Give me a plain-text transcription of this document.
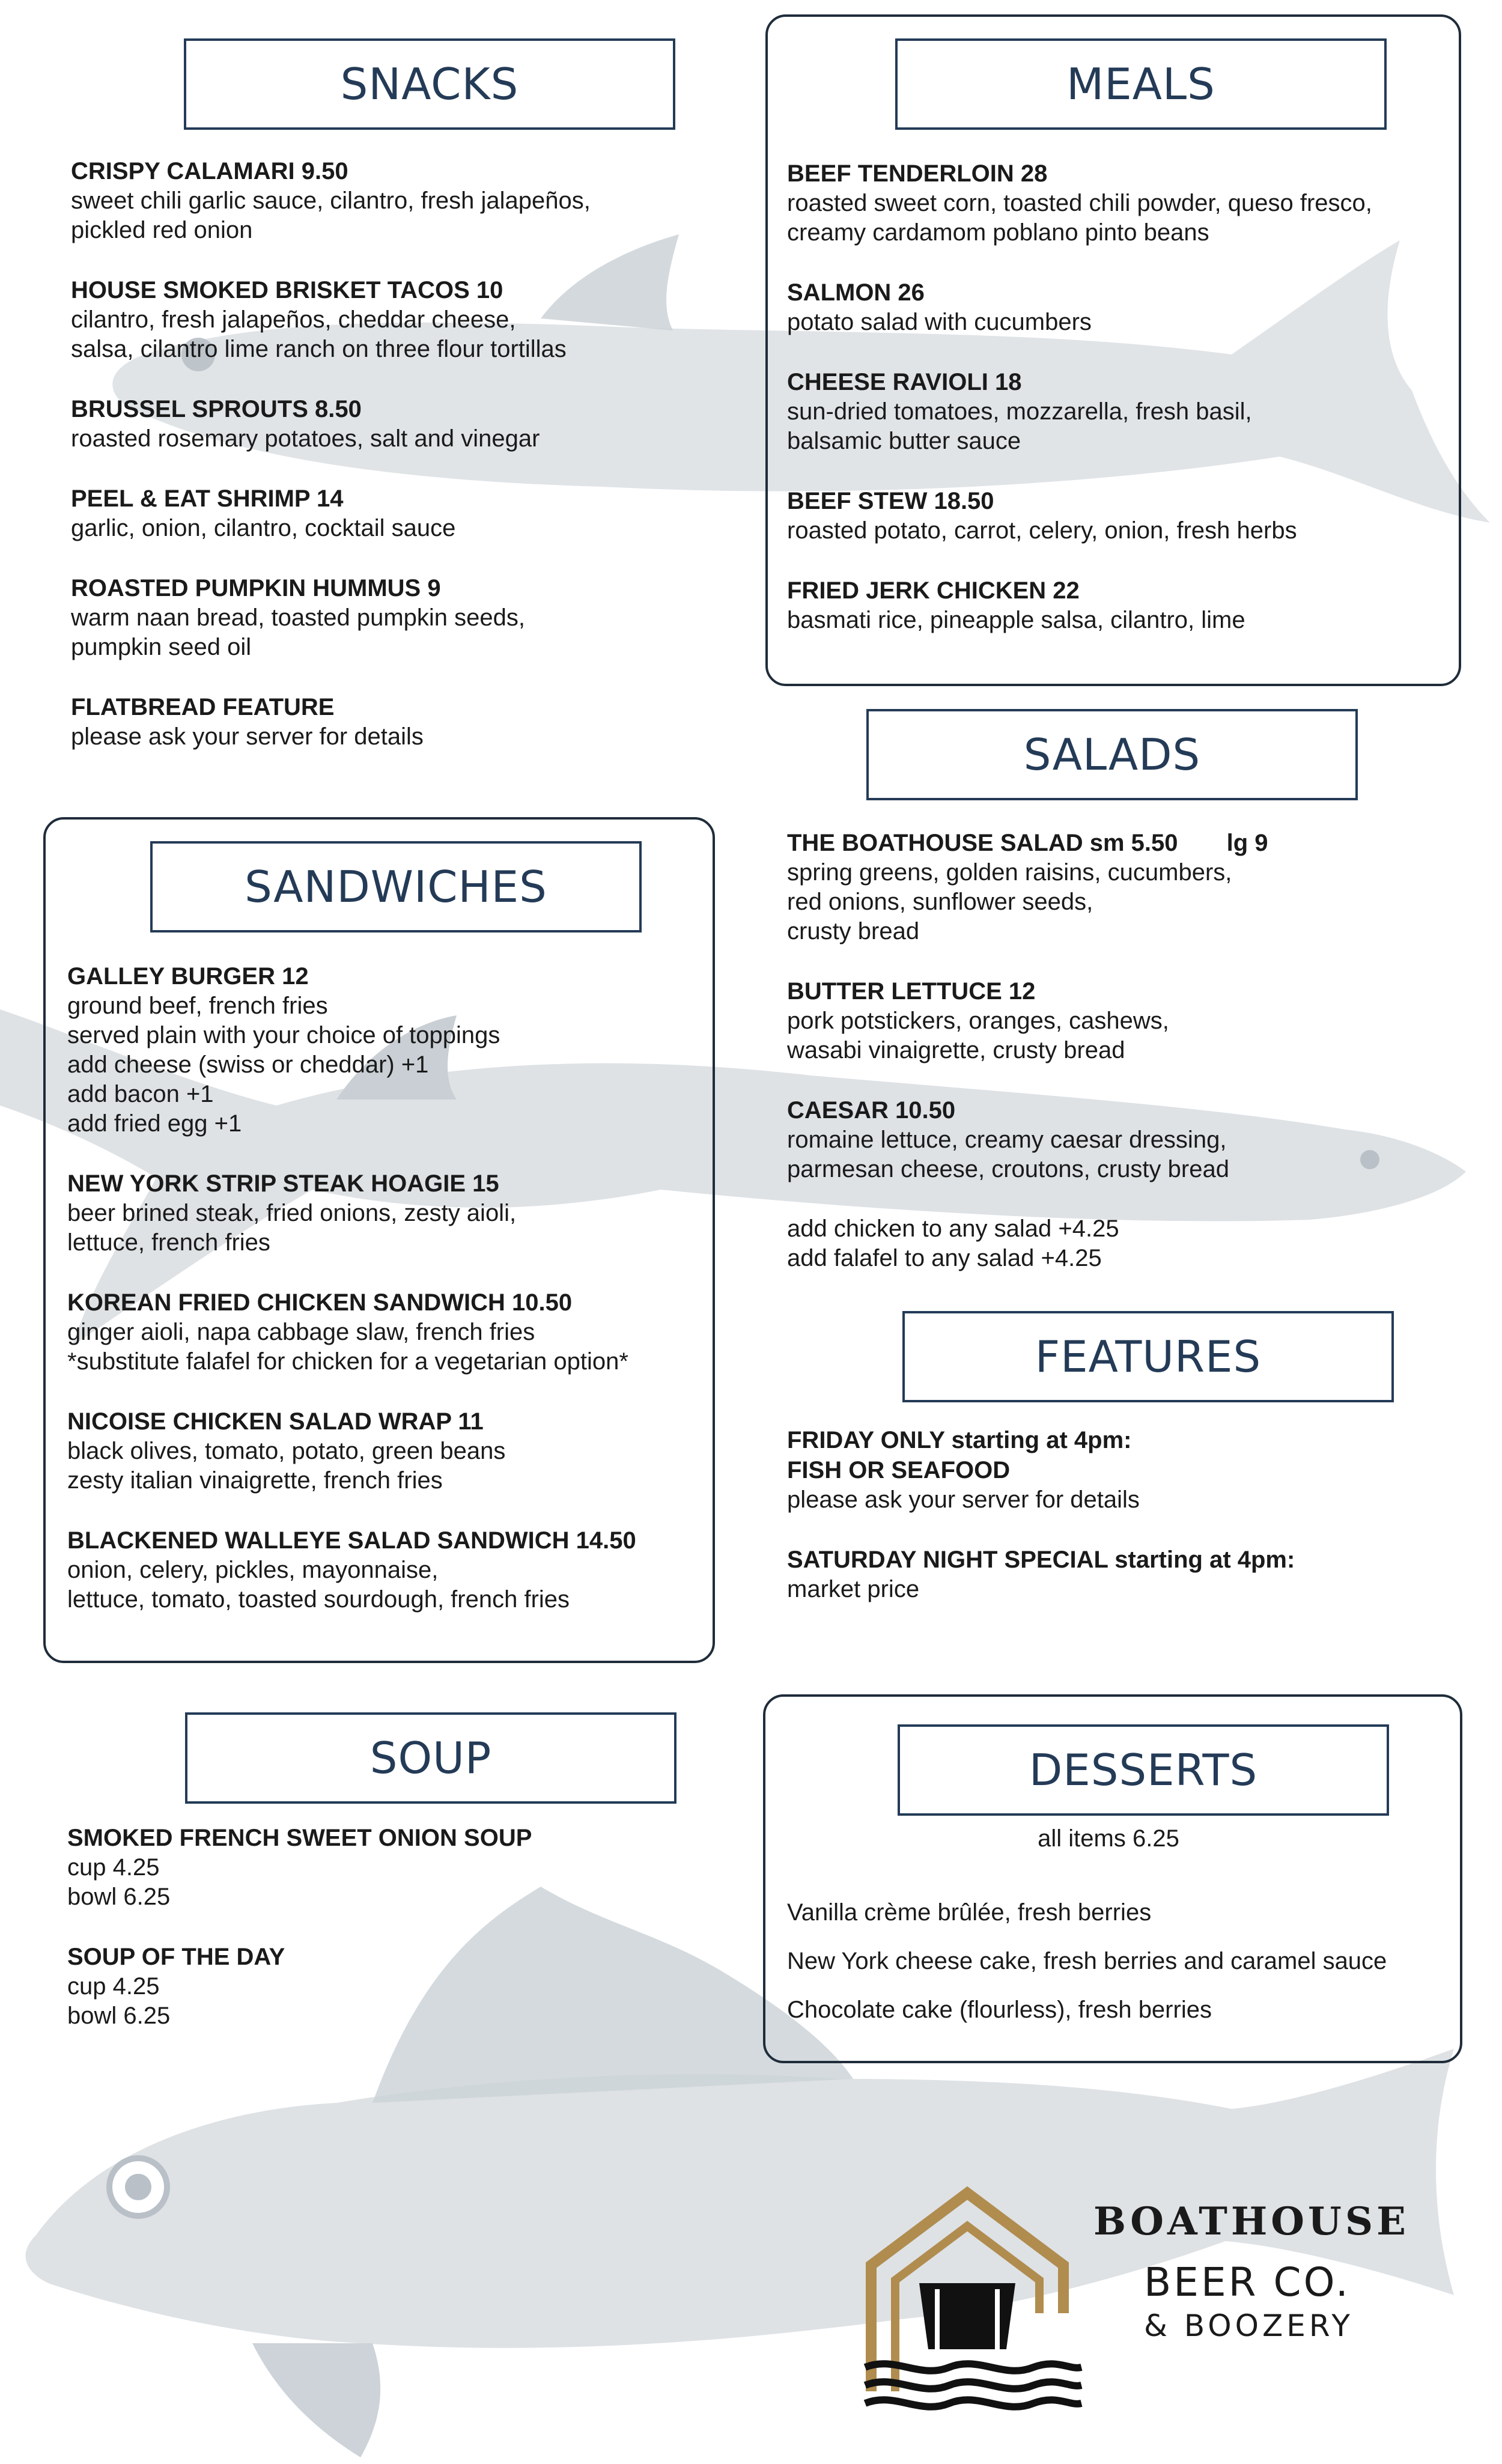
SNACKS	MEALS
SALADS
SANDWICHES
FEATURES
SOUP	DESSERTS
CRISPY CALAMARI 9.50
sweet chili garlic sauce, cilantro, fresh jalapeños,
pickled red onion
HOUSE SMOKED BRISKET TACOS 10
cilantro, fresh jalapeños, cheddar cheese,
salsa, cilantro lime ranch on three flour tortillas
BRUSSEL SPROUTS 8.50
roasted rosemary potatoes, salt and vinegar
PEEL & EAT SHRIMP 14
garlic, onion, cilantro, cocktail sauce
ROASTED PUMPKIN HUMMUS 9
warm naan bread, toasted pumpkin seeds,
pumpkin seed oil
FLATBREAD FEATURE
please ask your server for details
BEEF TENDERLOIN 28
roasted sweet corn, toasted chili powder, queso fresco,
creamy cardamom poblano pinto beans
SALMON 26
potato salad with cucumbers
CHEESE RAVIOLI 18
sun-dried tomatoes, mozzarella, fresh basil,
balsamic butter sauce
BEEF STEW 18.50
roasted potato, carrot, celery, onion, fresh herbs
FRIED JERK CHICKEN 22
basmati rice, pineapple salsa, cilantro, lime
THE BOATHOUSE SALAD sm 5.50 lg 9
spring greens, golden raisins, cucumbers,
red onions, sunflower seeds,
crusty bread
BUTTER LETTUCE 12
pork potstickers, oranges, cashews,
wasabi vinaigrette, crusty bread
CAESAR 10.50
romaine lettuce, creamy caesar dressing,
parmesan cheese, croutons, crusty bread
add chicken to any salad +4.25
add falafel to any salad +4.25
GALLEY BURGER 12
ground beef, french fries
served plain with your choice of toppings
add cheese (swiss or cheddar) +1
add bacon +1
add fried egg +1
NEW YORK STRIP STEAK HOAGIE 15
beer brined steak, fried onions, zesty aioli,
lettuce, french fries
KOREAN FRIED CHICKEN SANDWICH 10.50
ginger aioli, napa cabbage slaw, french fries
*substitute falafel for chicken for a vegetarian option*
NICOISE CHICKEN SALAD WRAP 11
black olives, tomato, potato, green beans
zesty italian vinaigrette, french fries
BLACKENED WALLEYE SALAD SANDWICH 14.50
onion, celery, pickles, mayonnaise,
lettuce, tomato, toasted sourdough, french fries
FRIDAY ONLY starting at 4pm:
FISH OR SEAFOOD
please ask your server for details
SATURDAY NIGHT SPECIAL starting at 4pm:
market price
SMOKED FRENCH SWEET ONION SOUP
cup 4.25
bowl 6.25
SOUP OF THE DAY
cup 4.25
bowl 6.25
all items 6.25
Vanilla crème brûlée, fresh berries
New York cheese cake, fresh berries and caramel sauce
Chocolate cake (flourless), fresh berries
BOATHOUSE
BEER CO.
& BOOZERY
